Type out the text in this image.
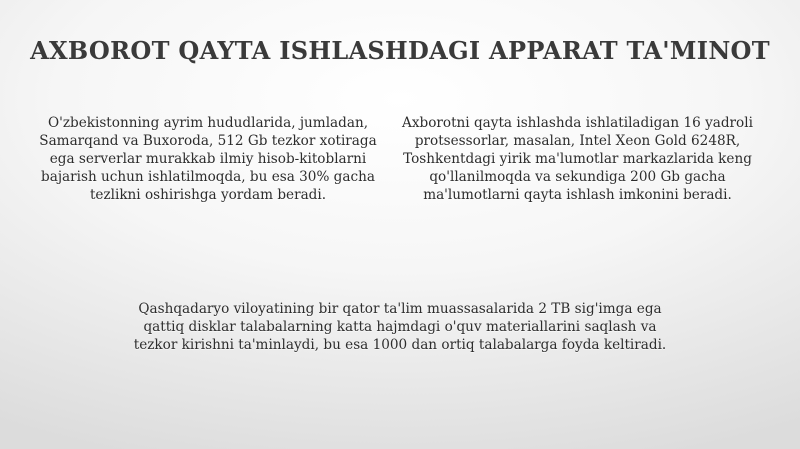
AXBOROT QAYTA ISHLASHDAGI APPARAT TA'MINOT

O'zbekistonning ayrim hududlarida, jumladan, Samarqand va Buxoroda, 512 Gb tezkor xotiraga ega serverlar murakkab ilmiy hisob-kitoblarni bajarish uchun ishlatilmoqda, bu esa 30% gacha tezlikni oshirishga yordam beradi.

Axborotni qayta ishlashda ishlatiladigan 16 yadroli protsessorlar, masalan, Intel Xeon Gold 6248R, Toshkentdagi yirik ma'lumotlar markazlarida keng qo'llanilmoqda va sekundiga 200 Gb gacha ma'lumotlarni qayta ishlash imkonini beradi.

Qashqadaryo viloyatining bir qator ta'lim muassasalarida 2 TB sig'imga ega qattiq disklar talabalarning katta hajmdagi o'quv materiallarini saqlash va tezkor kirishni ta'minlaydi, bu esa 1000 dan ortiq talabalarga foyda keltiradi.
